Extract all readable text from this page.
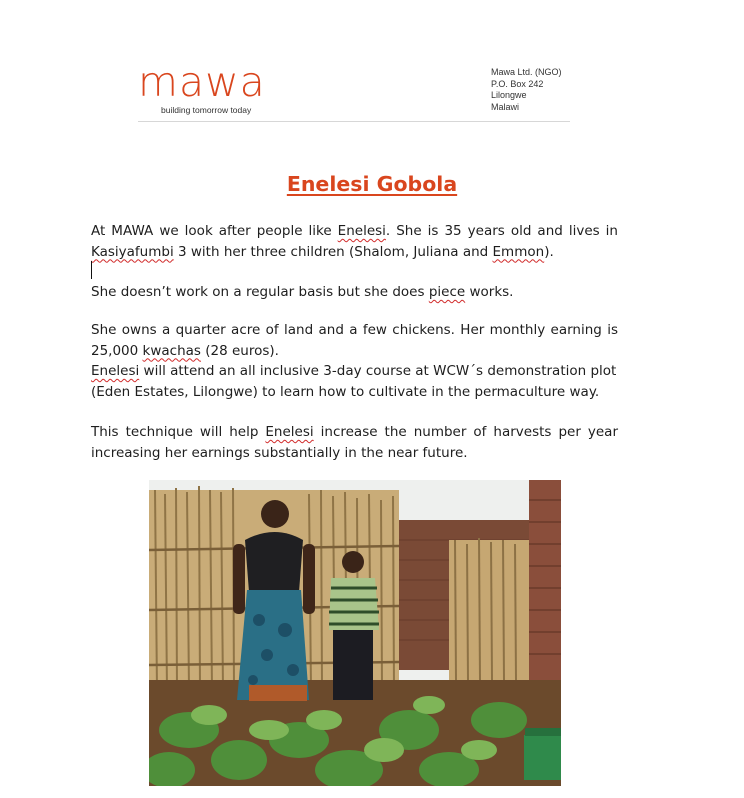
mawa
building tomorrow today
Mawa Ltd. (NGO)
P.O. Box 242
Lilongwe
Malawi
Enelesi Gobola

At MAWA we look after people like Enelesi. She is 35 years old and lives in Kasiyafumbi 3 with her three children (Shalom, Juliana and Emmon).

She doesn’t work on a regular basis but she does piece works.

She owns a quarter acre of land and a few chickens. Her monthly earning is 25,000 kwachas (28 euros).

Enelesi will attend an all inclusive 3-day course at WCW´s demonstration plot (Eden Estates, Lilongwe) to learn how to cultivate in the permaculture way.

This technique will help Enelesi increase the number of harvests per year increasing her earnings substantially in the near future.
